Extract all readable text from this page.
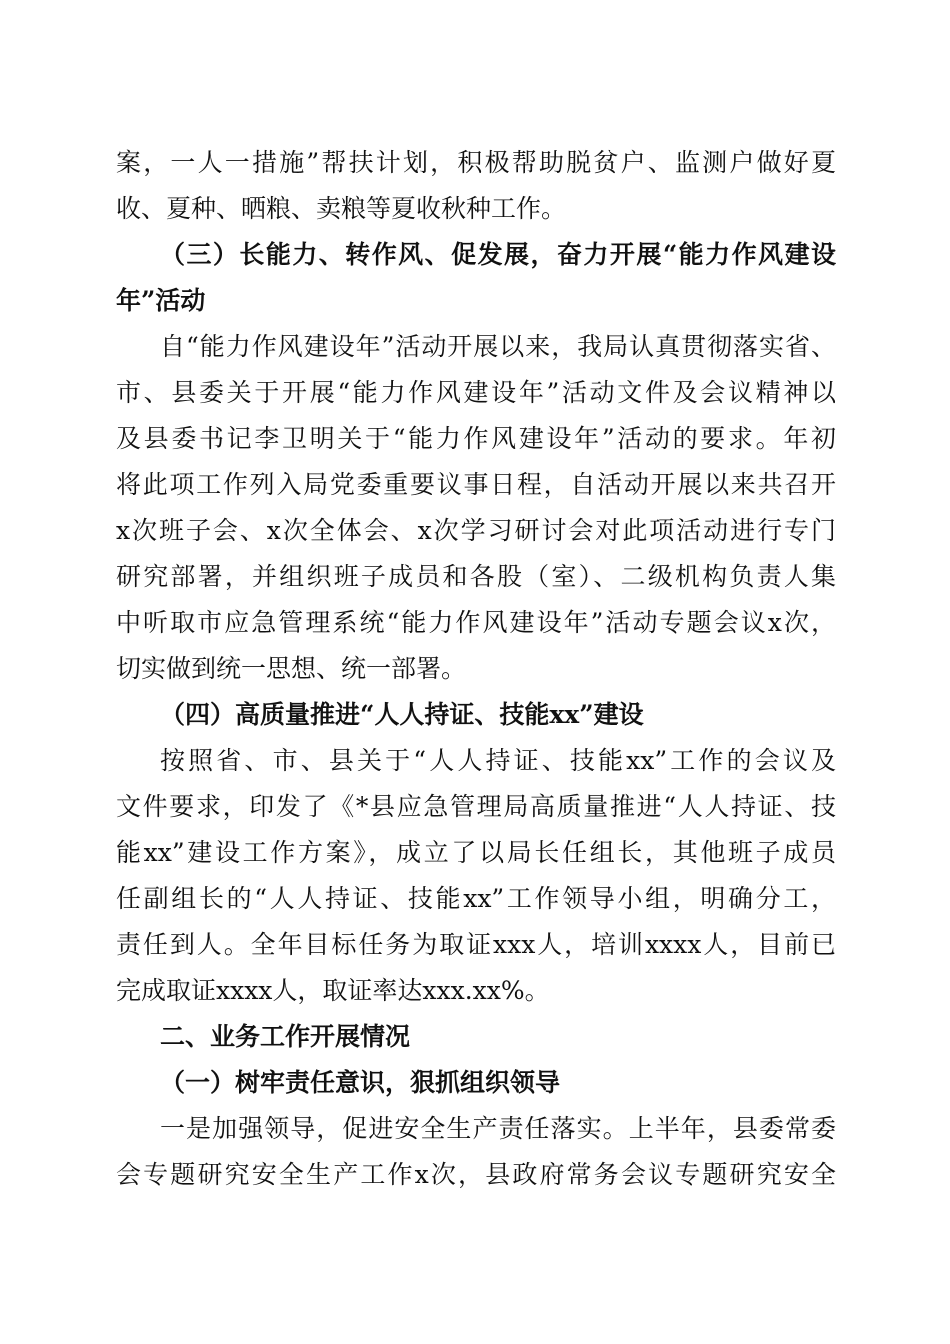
案，一人一措施”帮扶计划，积极帮助脱贫户、监测户做好夏
收、夏种、晒粮、卖粮等夏收秋种工作。
（三）长能力、转作风、促发展，奋力开展“能力作风建设
年”活动
自“能力作风建设年”活动开展以来，我局认真贯彻落实省、
市、县委关于开展“能力作风建设年”活动文件及会议精神以
及县委书记李卫明关于“能力作风建设年”活动的要求。年初
将此项工作列入局党委重要议事日程，自活动开展以来共召开
x次班子会、x次全体会、x次学习研讨会对此项活动进行专门
研究部署，并组织班子成员和各股（室）、二级机构负责人集
中听取市应急管理系统“能力作风建设年”活动专题会议x次，
切实做到统一思想、统一部署。
（四）高质量推进“人人持证、技能xx”建设
按照省、市、县关于“人人持证、技能xx”工作的会议及
文件要求，印发了《*县应急管理局高质量推进“人人持证、技
能xx”建设工作方案》，成立了以局长任组长，其他班子成员
任副组长的“人人持证、技能xx”工作领导小组，明确分工，
责任到人。全年目标任务为取证xxx人，培训xxxx人，目前已
完成取证xxxx人，取证率达xxx.xx%。
二、业务工作开展情况
（一）树牢责任意识，狠抓组织领导
一是加强领导，促进安全生产责任落实。上半年，县委常委
会专题研究安全生产工作x次，县政府常务会议专题研究安全
